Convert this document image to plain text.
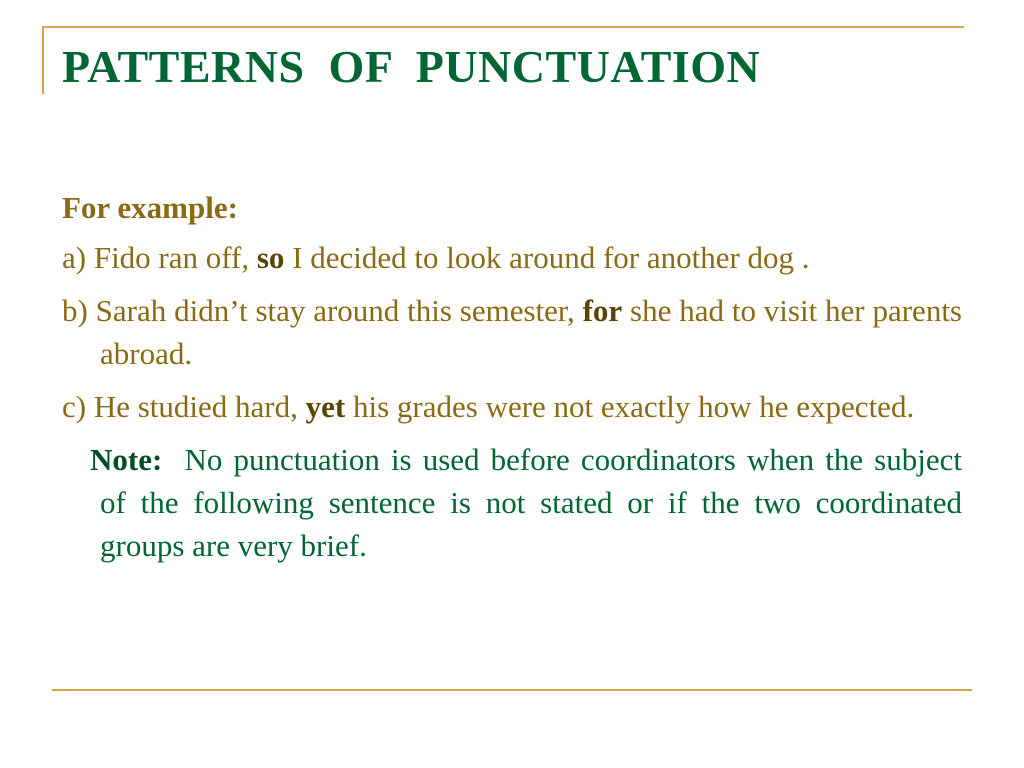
PATTERNS OF PUNCTUATION

For example:

a) Fido ran off, so I decided to look around for another dog .

b) Sarah didn’t stay around this semester, for she had to visit her parents abroad.

c) He studied hard, yet his grades were not exactly how he expected.

Note:  No punctuation is used before coordinators when the subject of the following sentence is not stated or if the two coordinated groups are very brief.
